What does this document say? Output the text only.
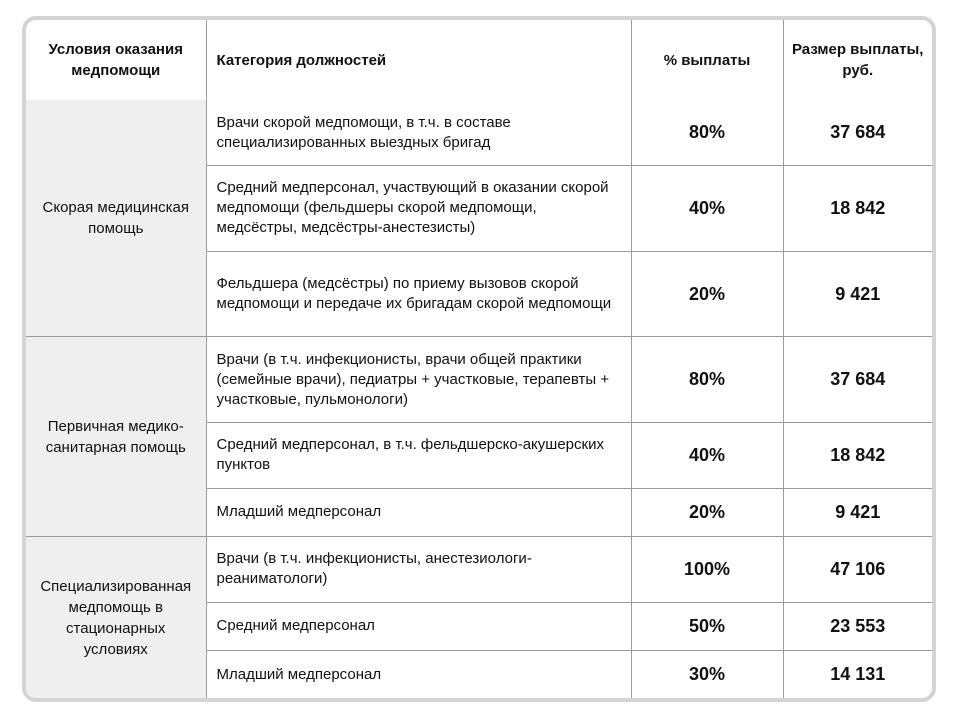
Условия оказания медпомощи	Категория должностей	% выплаты	Размер выплаты, руб.
Скорая медицинская помощь	Врачи скорой медпомощи, в т.ч. в составе специализированных выездных бригад	80%	37 684
	Средний медперсонал, участвующий в оказании скорой медпомощи (фельдшеры скорой медпомощи, медсёстры, медсёстры-анестезисты)	40%	18 842
	Фельдшера (медсёстры) по приему вызовов скорой медпомощи и передаче их бригадам скорой медпомощи	20%	9 421
Первичная медико-санитарная помощь	Врачи (в т.ч. инфекционисты, врачи общей практики (семейные врачи), педиатры + участковые, терапевты + участковые, пульмонологи)	80%	37 684
	Средний медперсонал, в т.ч. фельдшерско-акушерских пунктов	40%	18 842
	Младший медперсонал	20%	9 421
Специализированная медпомощь в стационарных условиях	Врачи (в т.ч. инфекционисты, анестезиологи-реаниматологи)	100%	47 106
	Средний медперсонал	50%	23 553
	Младший медперсонал	30%	14 131
